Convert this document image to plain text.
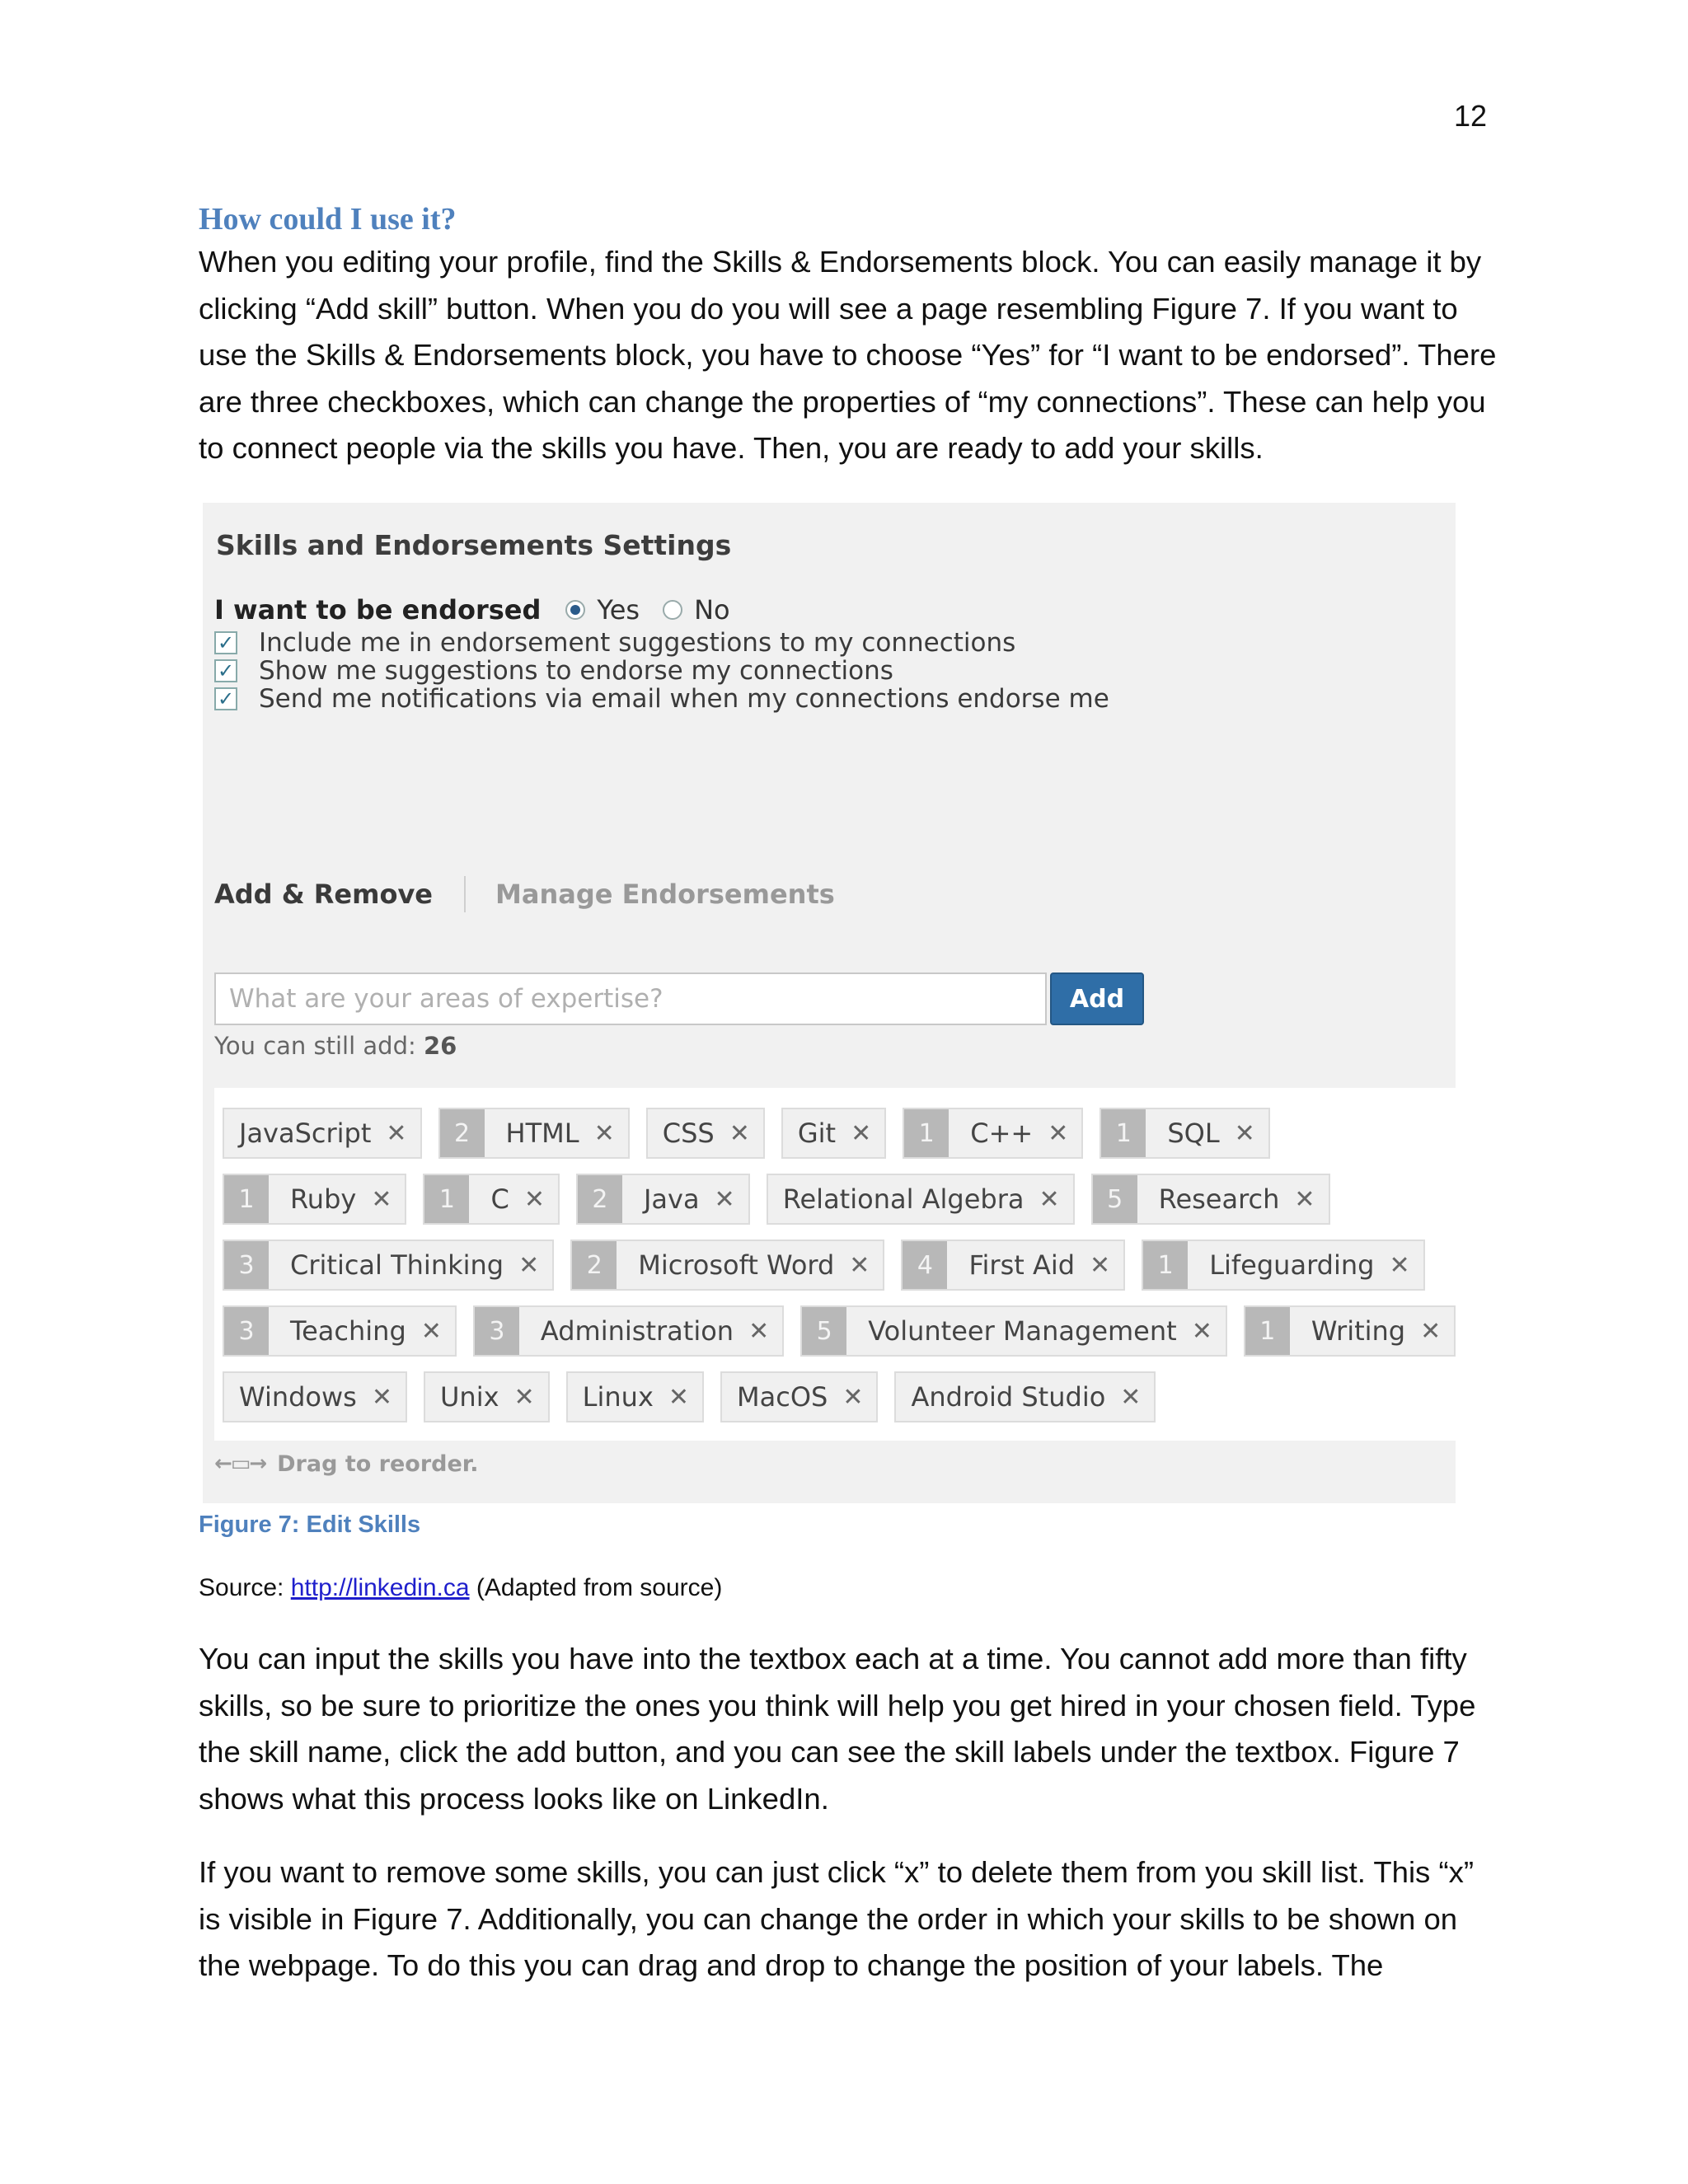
12
How could I use it?

When you editing your profile, find the Skills & Endorsements block. You can easily manage it by clicking “Add skill” button. When you do you will see a page resembling Figure 7. If you want to use the Skills & Endorsements block, you have to choose “Yes” for “I want to be endorsed”. There are three checkboxes, which can change the properties of “my connections”. These can help you to connect people via the skills you have. Then, you are ready to add your skills.

Skills and Endorsements Settings
I want to be endorsed Yes No
✓ Include me in endorsement suggestions to my connections
✓ Show me suggestions to endorse my connections
✓ Send me notifications via email when my connections endorse me
Add & Remove Manage Endorsements
What are your areas of expertise?
Add
You can still add: 26
JavaScript ✕	2	HTML ✕	CSS ✕	Git ✕	1	C++ ✕	1	SQL ✕
1	Ruby ✕	1	C ✕	2	Java ✕	Relational Algebra ✕	5	Research ✕
3	Critical Thinking ✕	2	Microsoft Word ✕	4	First Aid ✕	1	Lifeguarding ✕
3	Teaching ✕	3	Administration ✕	5	Volunteer Management ✕	1	Writing ✕
Windows ✕	Unix ✕	Linux ✕	MacOS ✕	Android Studio ✕
←▭→ Drag to reorder.
Figure 7: Edit Skills
Source: http://linkedin.ca (Adapted from source)

You can input the skills you have into the textbox each at a time. You cannot add more than fifty skills, so be sure to prioritize the ones you think will help you get hired in your chosen field. Type the skill name, click the add button, and you can see the skill labels under the textbox. Figure 7 shows what this process looks like on LinkedIn.

If you want to remove some skills, you can just click “x” to delete them from you skill list. This “x” is visible in Figure 7. Additionally, you can change the order in which your skills to be shown on the webpage. To do this you can drag and drop to change the position of your labels. The
